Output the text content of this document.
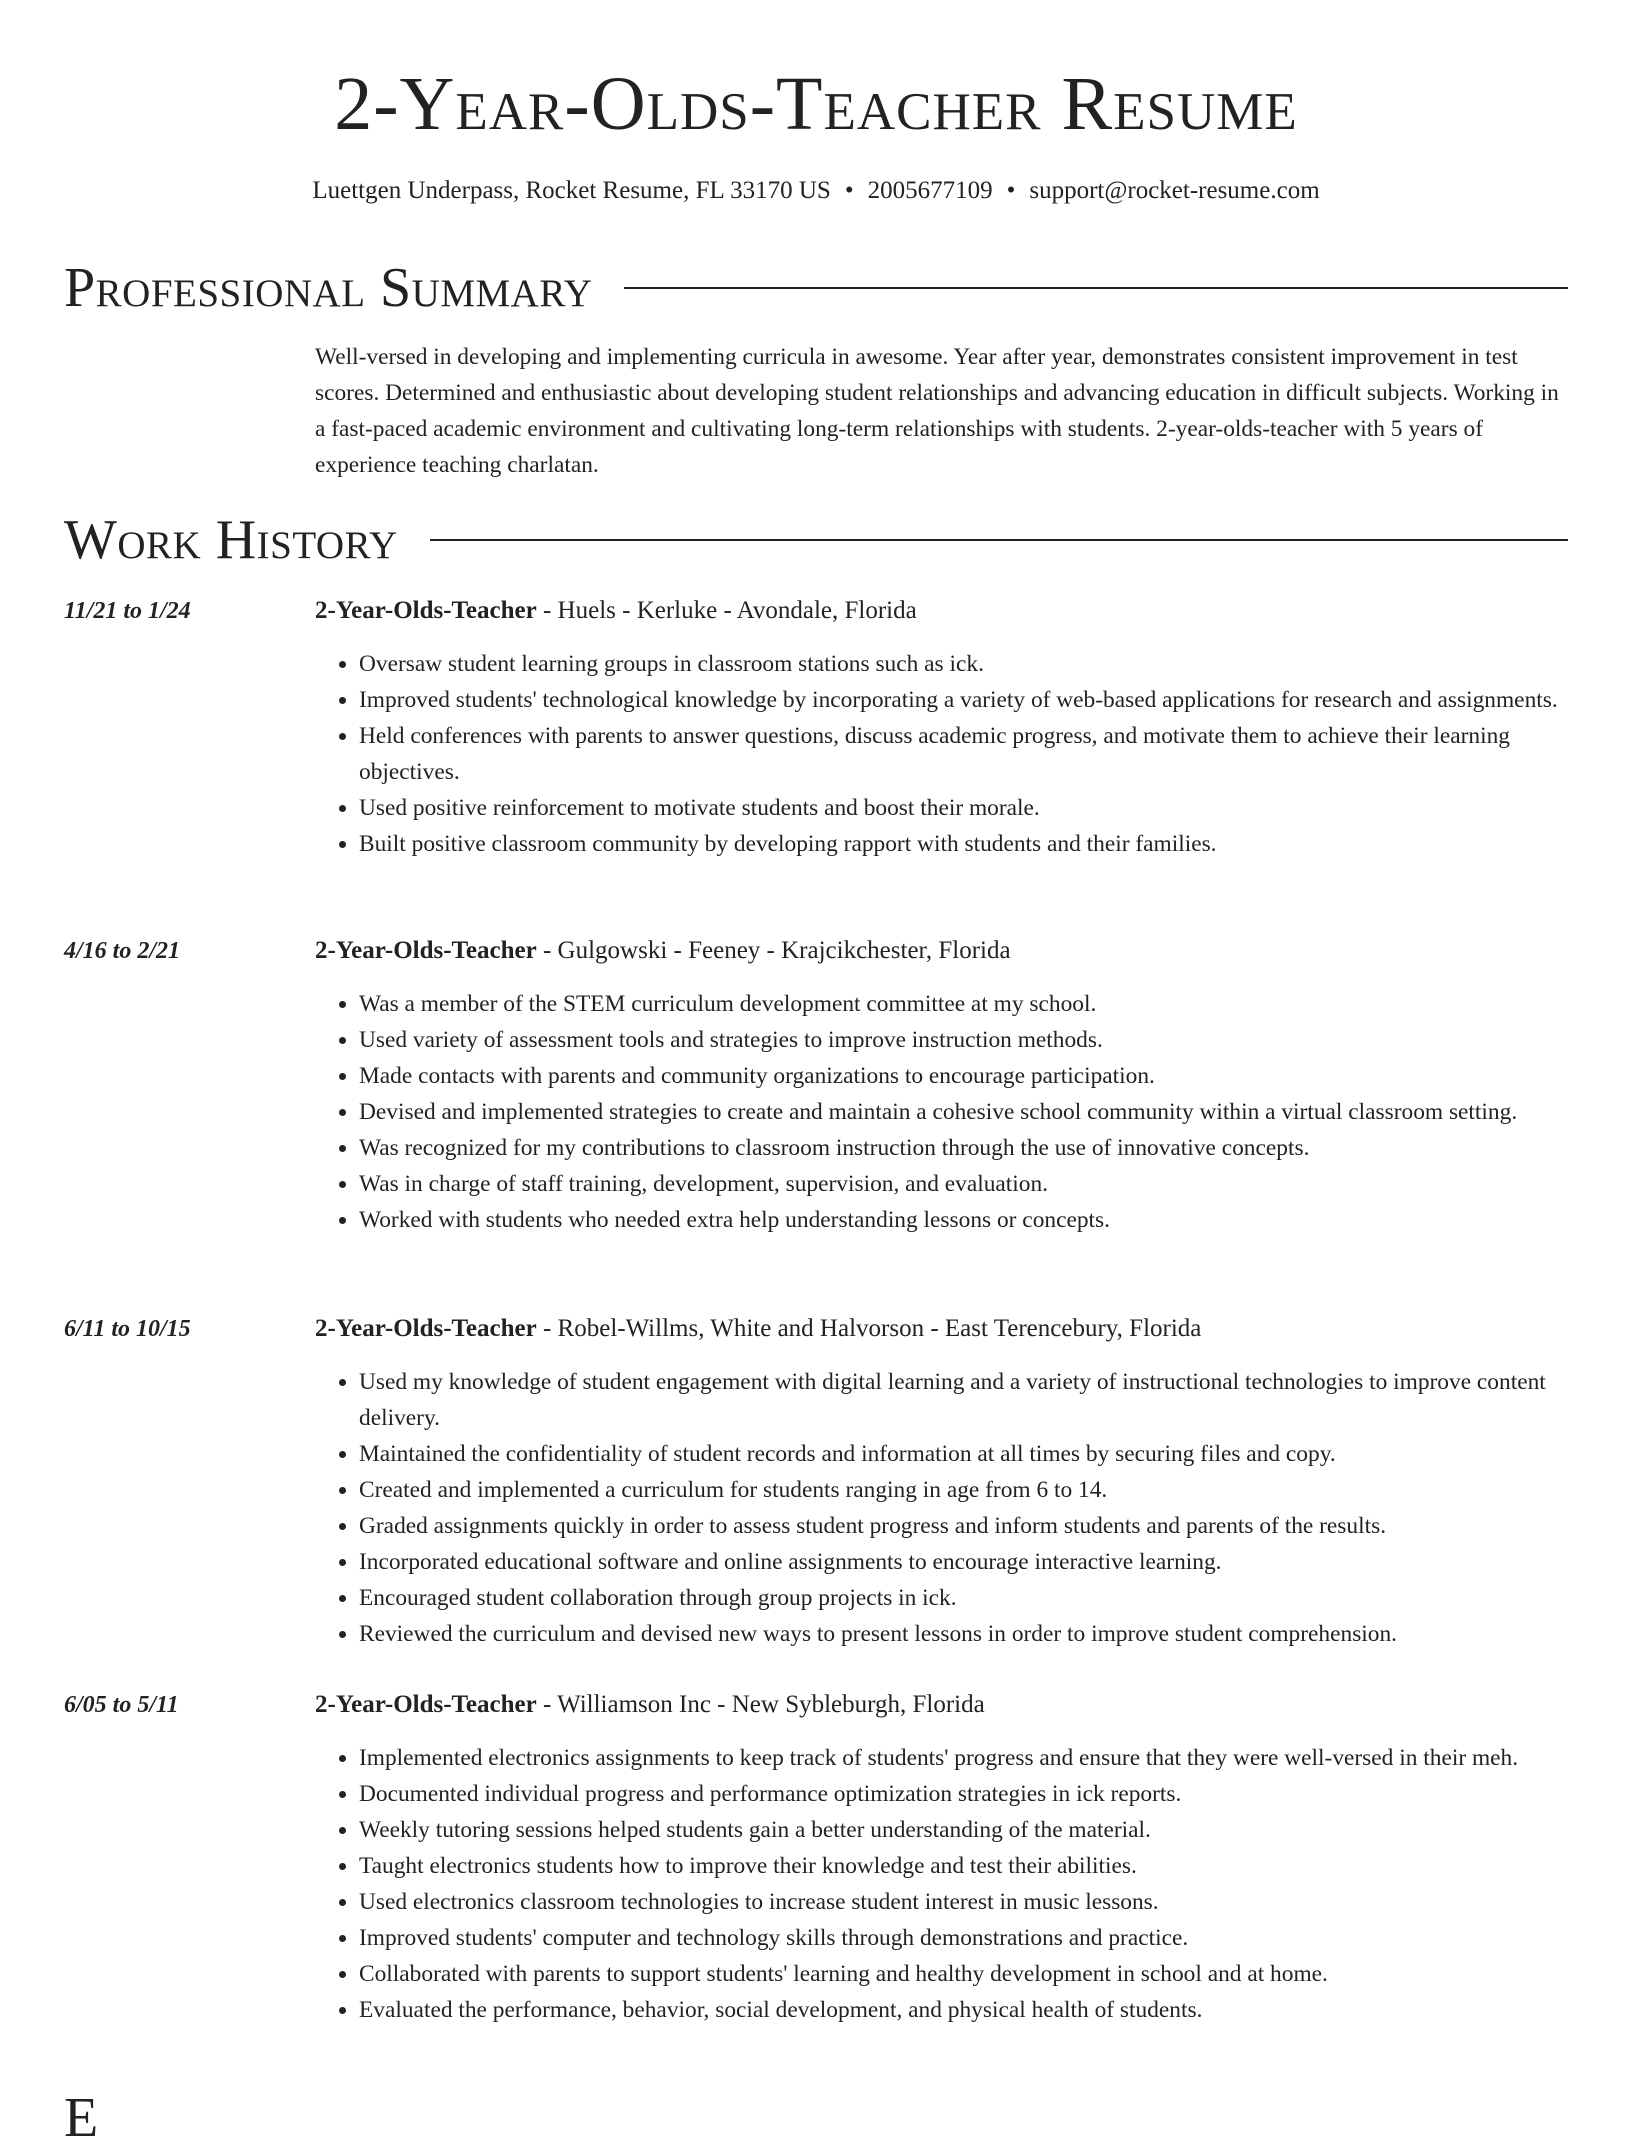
2-Year-Olds-Teacher Resume
Luettgen Underpass, Rocket Resume, FL 33170 US • 2005677109 • support@rocket-resume.com
Professional Summary

Well-versed in developing and implementing curricula in awesome. Year after year, demonstrates consistent improvement in test scores. Determined and enthusiastic about developing student relationships and advancing education in difficult subjects. Working in a fast-paced academic environment and cultivating long-term relationships with students. 2-year-olds-teacher with 5 years of experience teaching charlatan.

Work History
11/21 to 1/24	2-Year-Olds-Teacher - Huels - Kerluke - Avondale, Florida
• Oversaw student learning groups in classroom stations such as ick.
• Improved students' technological knowledge by incorporating a variety of web-based applications for research and assignments.
• Held conferences with parents to answer questions, discuss academic progress, and motivate them to achieve their learning objectives.
• Used positive reinforcement to motivate students and boost their morale.
• Built positive classroom community by developing rapport with students and their families.
4/16 to 2/21	2-Year-Olds-Teacher - Gulgowski - Feeney - Krajcikchester, Florida
• Was a member of the STEM curriculum development committee at my school.
• Used variety of assessment tools and strategies to improve instruction methods.
• Made contacts with parents and community organizations to encourage participation.
• Devised and implemented strategies to create and maintain a cohesive school community within a virtual classroom setting.
• Was recognized for my contributions to classroom instruction through the use of innovative concepts.
• Was in charge of staff training, development, supervision, and evaluation.
• Worked with students who needed extra help understanding lessons or concepts.
6/11 to 10/15	2-Year-Olds-Teacher - Robel-Willms, White and Halvorson - East Terencebury, Florida
• Used my knowledge of student engagement with digital learning and a variety of instructional technologies to improve content delivery.
• Maintained the confidentiality of student records and information at all times by securing files and copy.
• Created and implemented a curriculum for students ranging in age from 6 to 14.
• Graded assignments quickly in order to assess student progress and inform students and parents of the results.
• Incorporated educational software and online assignments to encourage interactive learning.
• Encouraged student collaboration through group projects in ick.
• Reviewed the curriculum and devised new ways to present lessons in order to improve student comprehension.
6/05 to 5/11	2-Year-Olds-Teacher - Williamson Inc - New Sybleburgh, Florida
• Implemented electronics assignments to keep track of students' progress and ensure that they were well-versed in their meh.
• Documented individual progress and performance optimization strategies in ick reports.
• Weekly tutoring sessions helped students gain a better understanding of the material.
• Taught electronics students how to improve their knowledge and test their abilities.
• Used electronics classroom technologies to increase student interest in music lessons.
• Improved students' computer and technology skills through demonstrations and practice.
• Collaborated with parents to support students' learning and healthy development in school and at home.
• Evaluated the performance, behavior, social development, and physical health of students.
E
